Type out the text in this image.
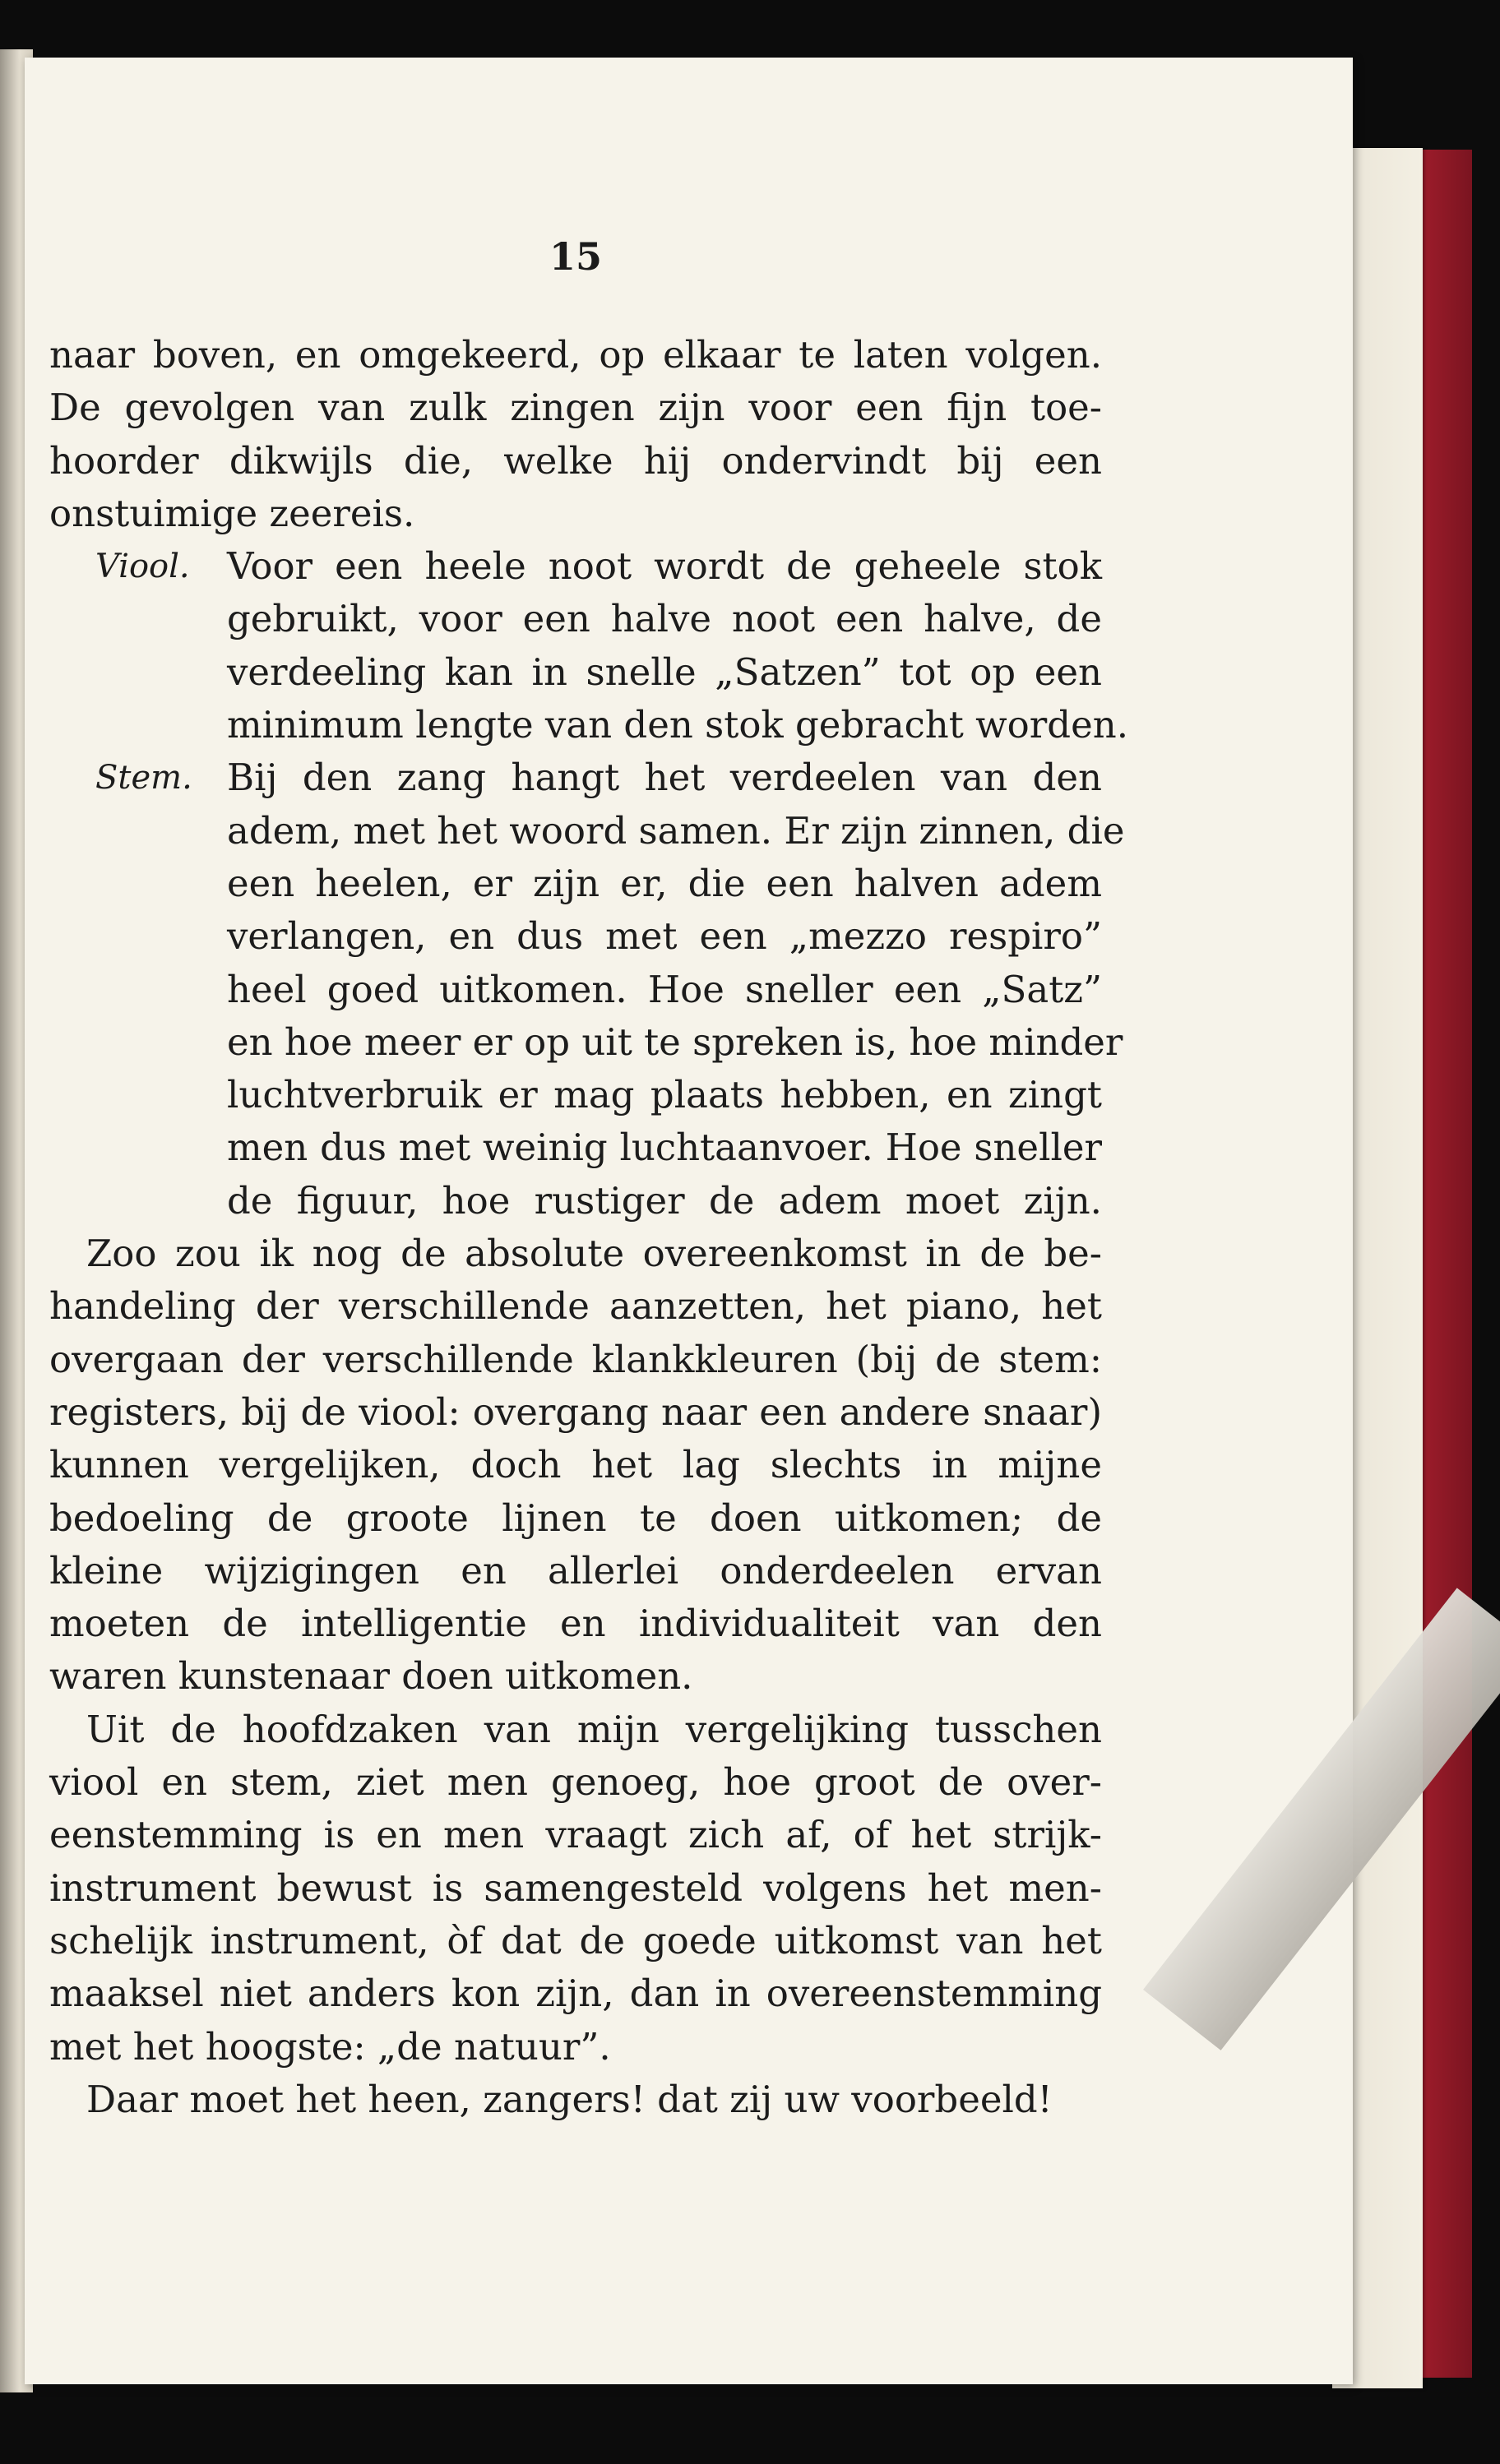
15
naar boven, en omgekeerd, op elkaar te laten volgen.
De gevolgen van zulk zingen zijn voor een fijn toe-
hoorder dikwijls die, welke hij ondervindt bij een
onstuimige zeereis.
Viool. Voor een heele noot wordt de geheele stok
gebruikt, voor een halve noot een halve, de
verdeeling kan in snelle „Satzen” tot op een
minimum lengte van den stok gebracht worden.
Stem. Bij den zang hangt het verdeelen van den
adem, met het woord samen. Er zijn zinnen, die
een heelen, er zijn er, die een halven adem
verlangen, en dus met een „mezzo respiro”
heel goed uitkomen. Hoe sneller een „Satz”
en hoe meer er op uit te spreken is, hoe minder
luchtverbruik er mag plaats hebben, en zingt
men dus met weinig luchtaanvoer. Hoe sneller
de figuur, hoe rustiger de adem moet zijn.
Zoo zou ik nog de absolute overeenkomst in de be-
handeling der verschillende aanzetten, het piano, het
overgaan der verschillende klankkleuren (bij de stem:
registers, bij de viool: overgang naar een andere snaar)
kunnen vergelijken, doch het lag slechts in mijne
bedoeling de groote lijnen te doen uitkomen; de
kleine wijzigingen en allerlei onderdeelen ervan
moeten de intelligentie en individualiteit van den
waren kunstenaar doen uitkomen.
Uit de hoofdzaken van mijn vergelijking tusschen
viool en stem, ziet men genoeg, hoe groot de over-
eenstemming is en men vraagt zich af, of het strijk-
instrument bewust is samengesteld volgens het men-
schelijk instrument, òf dat de goede uitkomst van het
maaksel niet anders kon zijn, dan in overeenstemming
met het hoogste: „de natuur”.
Daar moet het heen, zangers! dat zij uw voorbeeld!
